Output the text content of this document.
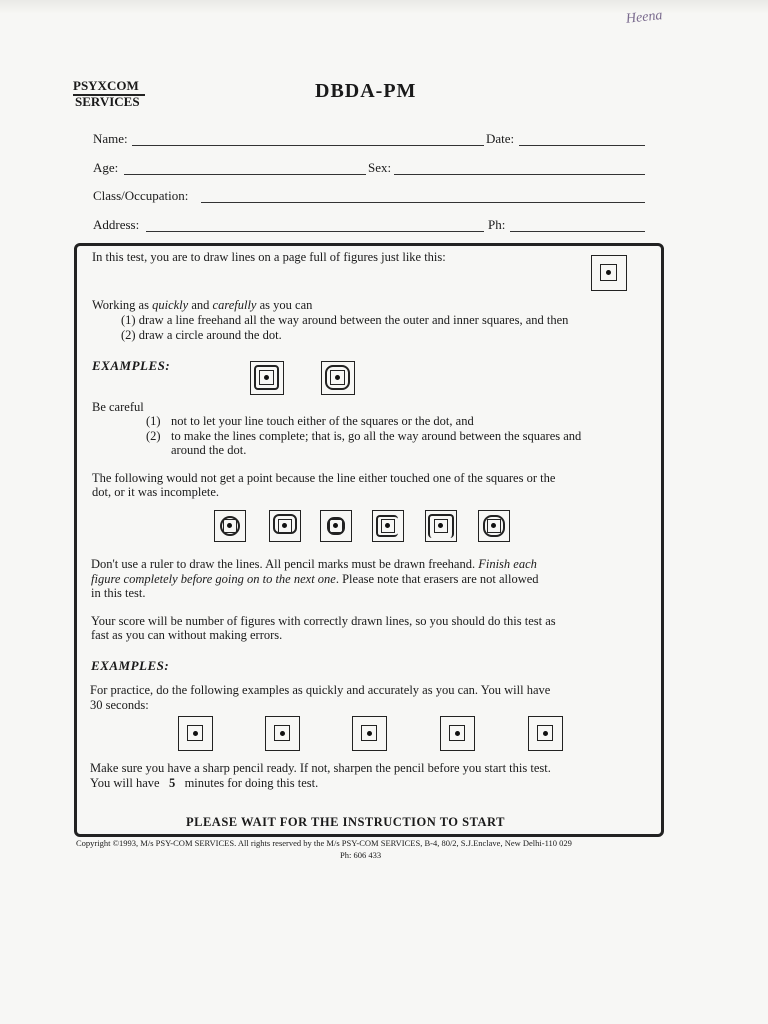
Heena
PSYXCOM
SERVICES	DBDA-PM
Name:	Date:
Age:	Sex:
Class/Occupation:
Address:	Ph:
In this test, you are to draw lines on a page full of figures just like this:
Working as quickly and carefully as you can
(1) draw a line freehand all the way around between the outer and inner squares, and then
(2) draw a circle around the dot.
EXAMPLES:
Be careful
(1) not to let your line touch either of the squares or the dot, and
(2) to make the lines complete; that is, go all the way around between the squares and
around the dot.
The following would not get a point because the line either touched one of the squares or the
dot, or it was incomplete.
Don't use a ruler to draw the lines. All pencil marks must be drawn freehand. Finish each
figure completely before going on to the next one. Please note that erasers are not allowed
in this test.
Your score will be number of figures with correctly drawn lines, so you should do this test as
fast as you can without making errors.
EXAMPLES:
For practice, do the following examples as quickly and accurately as you can. You will have
30 seconds:
Make sure you have a sharp pencil ready. If not, sharpen the pencil before you start this test.
You will have 5 minutes for doing this test.
PLEASE WAIT FOR THE INSTRUCTION TO START
Copyright ©1993, M/s PSY-COM SERVICES. All rights reserved by the M/s PSY-COM SERVICES, B-4, 80/2, S.J.Enclave, New Delhi-110 029
Ph: 606 433
